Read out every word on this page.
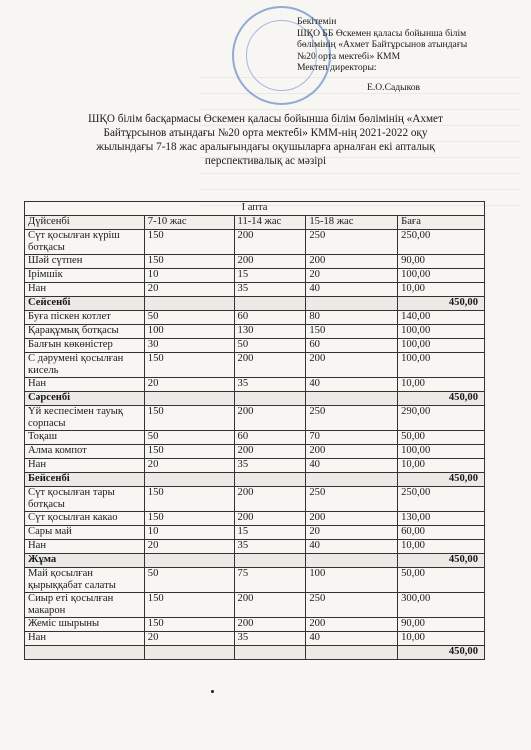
Бекітемін
ШҚО ББ Өскемен қаласы бойынша білім
бөлімінің «Ахмет Байтұрсынов атындағы
№20 орта мектебі» КММ
Мектеп директоры:
Е.О.Садыков
ШҚО білім басқармасы Өскемен қаласы бойынша білім бөлімінің «Ахмет
Байтұрсынов атындағы №20 орта мектебі» КММ-нің 2021-2022 оқу
жылындағы 7-18 жас аралығындағы оқушыларға арналған екі апталық
перспективалық ас мәзірі
I апта				
Дүйсенбі	7-10 жас	11-14 жас	15-18 жас	Баға
Сүт қосылған күріш ботқасы	150	200	250	250,00
Шәй сүтпен	150	200	200	90,00
Ірімшік	10	15	20	100,00
Нан	20	35	40	10,00
Сейсенбі				450,00
Буға піскен котлет	50	60	80	140,00
Қарақұмық ботқасы	100	130	150	100,00
Балғын көкөністер	30	50	60	100,00
С дәрумені қосылған кисель	150	200	200	100,00
Нан	20	35	40	10,00
Сәрсенбі				450,00
Үй кеспесімен тауық сорпасы	150	200	250	290,00
Тоқаш	50	60	70	50,00
Алма компот	150	200	200	100,00
Нан	20	35	40	10,00
Бейсенбі				450,00
Сүт қосылған тары ботқасы	150	200	250	250,00
Сүт қосылған какао	150	200	200	130,00
Сары май	10	15	20	60,00
Нан	20	35	40	10,00
Жұма				450,00
Май қосылған қырыққабат салаты	50	75	100	50,00
Сиыр еті қосылған макарон	150	200	250	300,00
Жеміс шырыны	150	200	200	90,00
Нан	20	35	40	10,00
				450,00
